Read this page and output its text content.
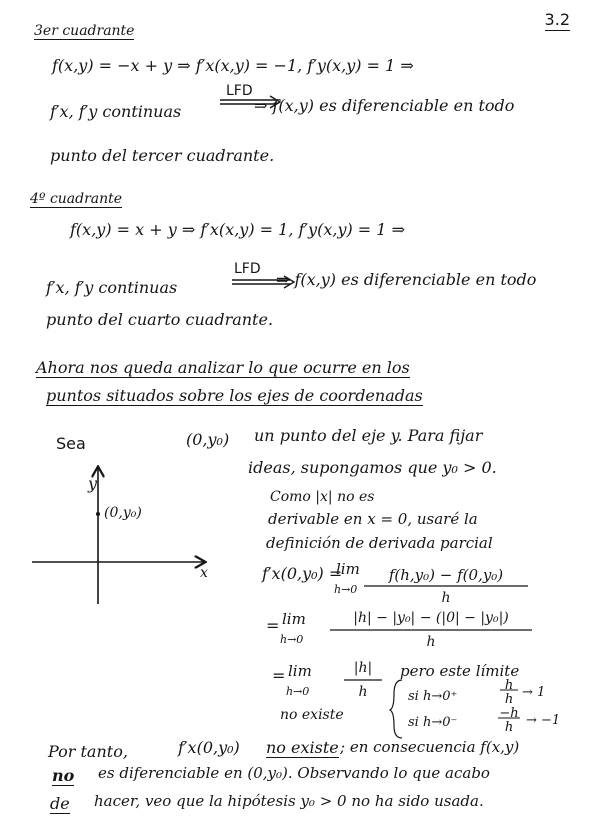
3.2
3er cuadrante
f(x,y) = −x + y ⇒ f′x(x,y) = −1, f′y(x,y) = 1 ⇒
LFD
f′x, f′y continuas	⇒ f(x,y) es diferenciable en todo
punto del tercer cuadrante.
4º cuadrante
f(x,y) = x + y ⇒ f′x(x,y) = 1, f′y(x,y) = 1 ⇒
LFD
f′x, f′y continuas	⇒ f(x,y) es diferenciable en todo
punto del cuarto cuadrante.
Ahora nos queda analizar lo que ocurre en los
puntos situados sobre los ejes de coordenadas
Sea	(0,y₀) un punto del eje y. Para fijar
ideas, supongamos que y₀ > 0.
Como |x| no es
derivable en x = 0, usaré la
definición de derivada parcial
y
x
(0,y₀)
f′x(0,y₀) =
lim
h→0
f(h,y₀) − f(0,y₀)
h
= lim
h→0
|h| − |y₀| − (|0| − |y₀|)
h
= lim
h→0
|h|
h
no existe
pero este límite
si h→0⁺
h
h → 1
si h→0⁻
−h
h → −1
Por tanto,	f′x(0,y₀) no existe ; en consecuencia f(x,y)
no es diferenciable en (0,y₀). Observando lo que acabo
de hacer, veo que la hipótesis y₀ > 0 no ha sido usada.
